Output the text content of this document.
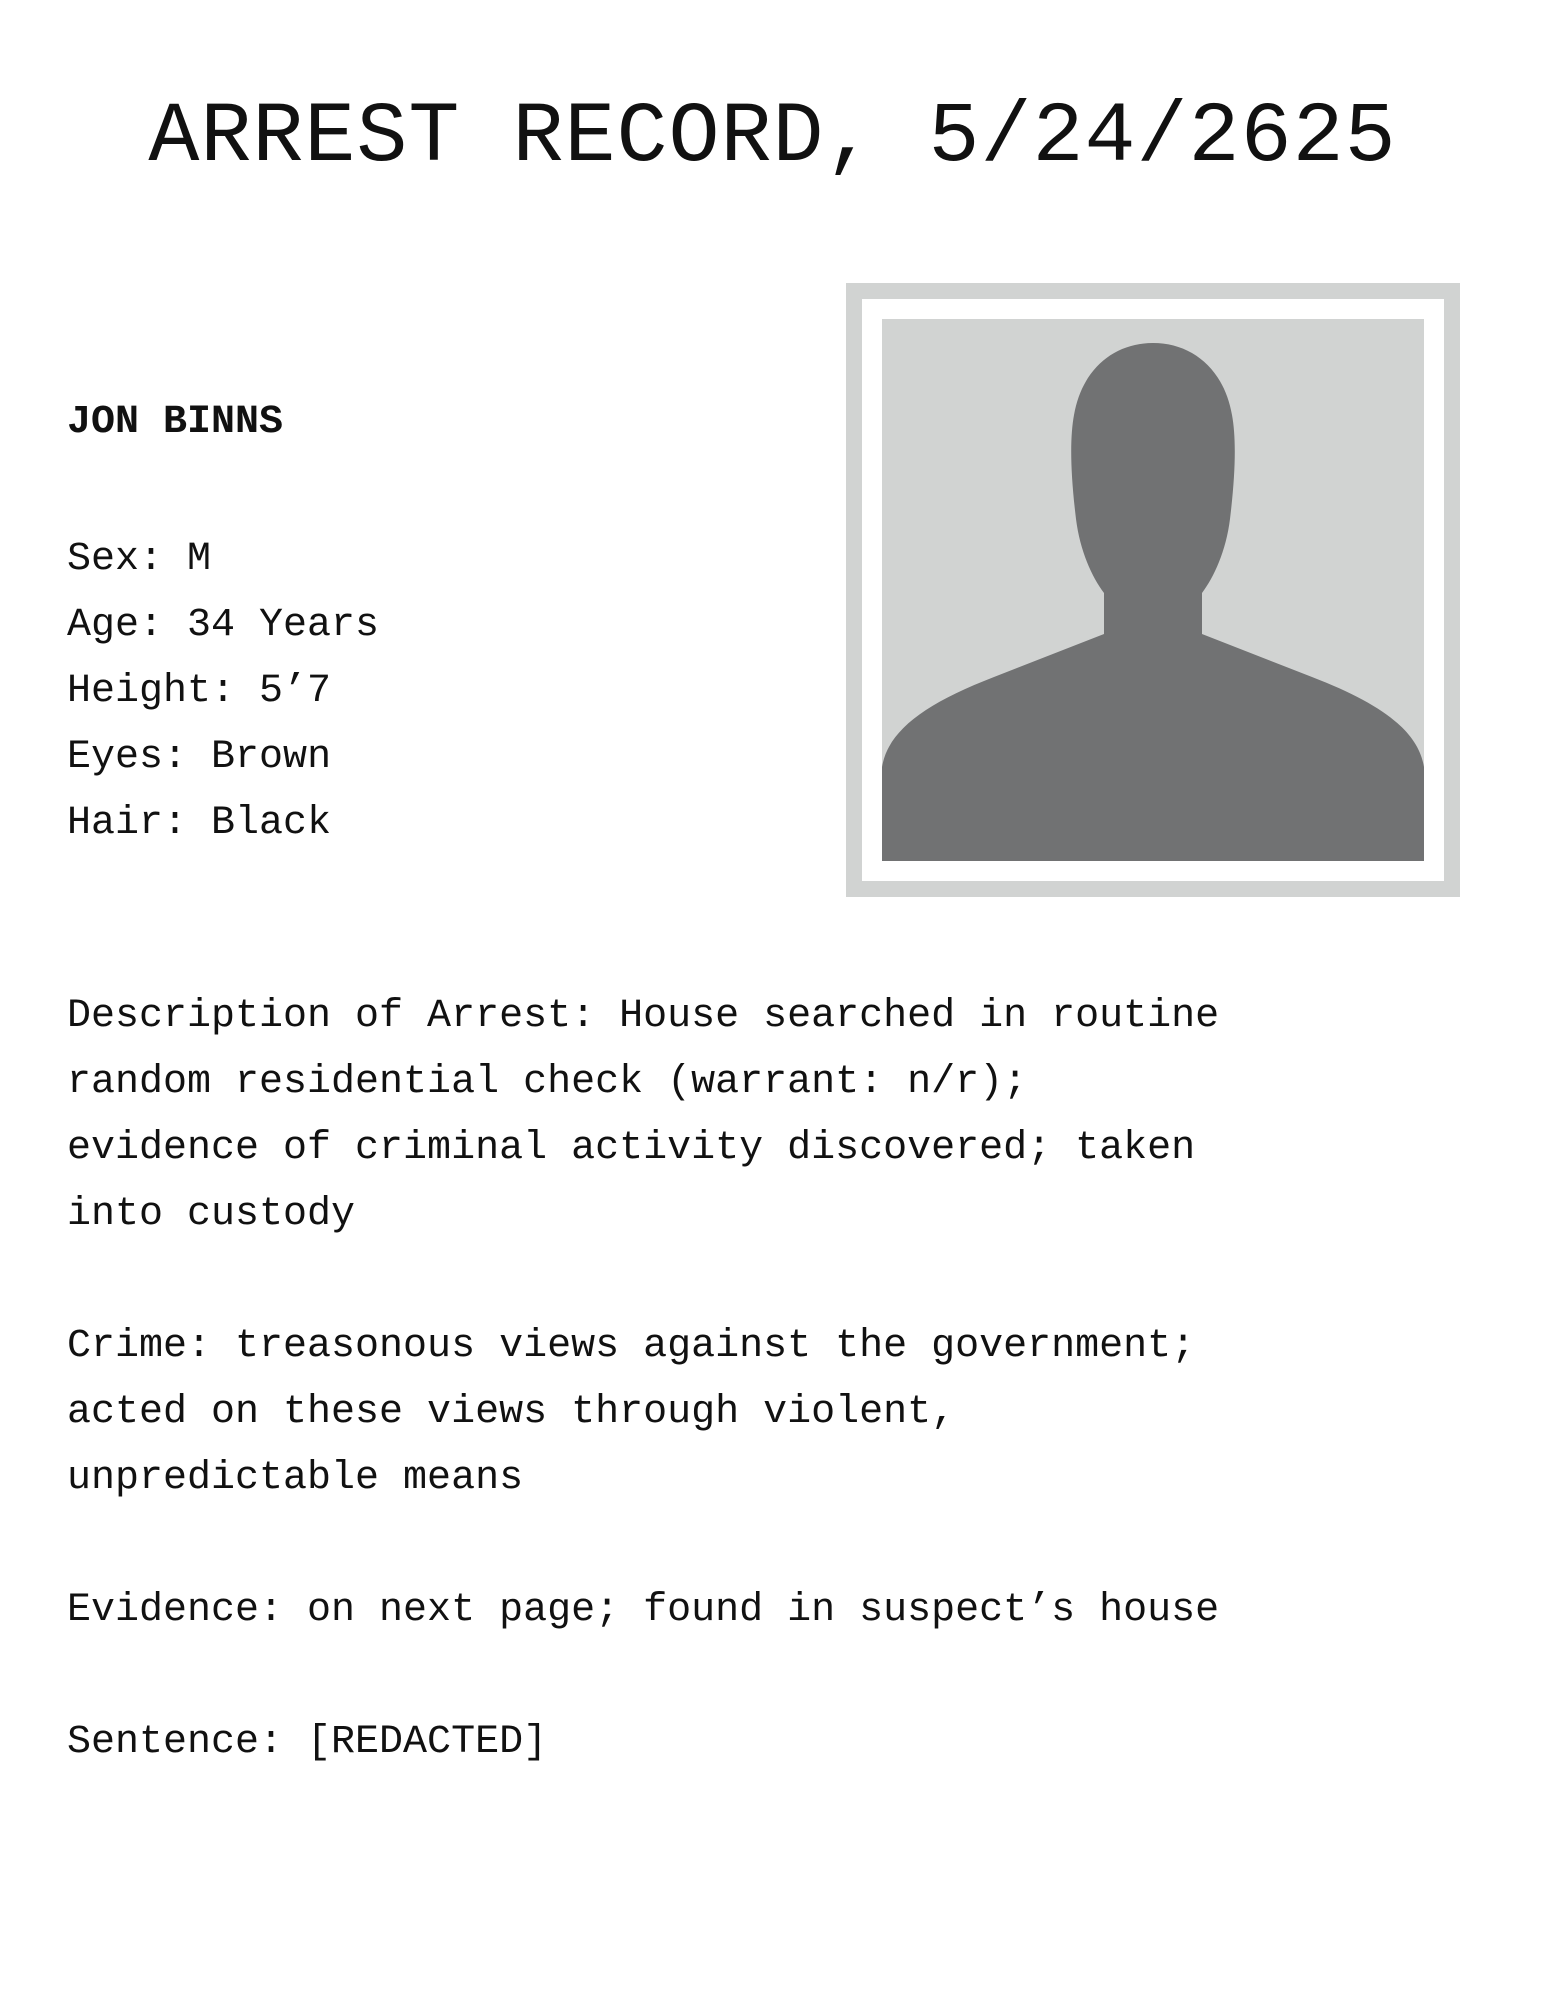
ARREST RECORD, 5/24/2625
JON BINNS
Sex: M
Age: 34 Years
Height: 5’7
Eyes: Brown
Hair: Black
Description of Arrest: House searched in routine
random residential check (warrant: n/r);
evidence of criminal activity discovered; taken
into custody
Crime: treasonous views against the government;
acted on these views through violent,
unpredictable means
Evidence: on next page; found in suspect’s house
Sentence: [REDACTED]
